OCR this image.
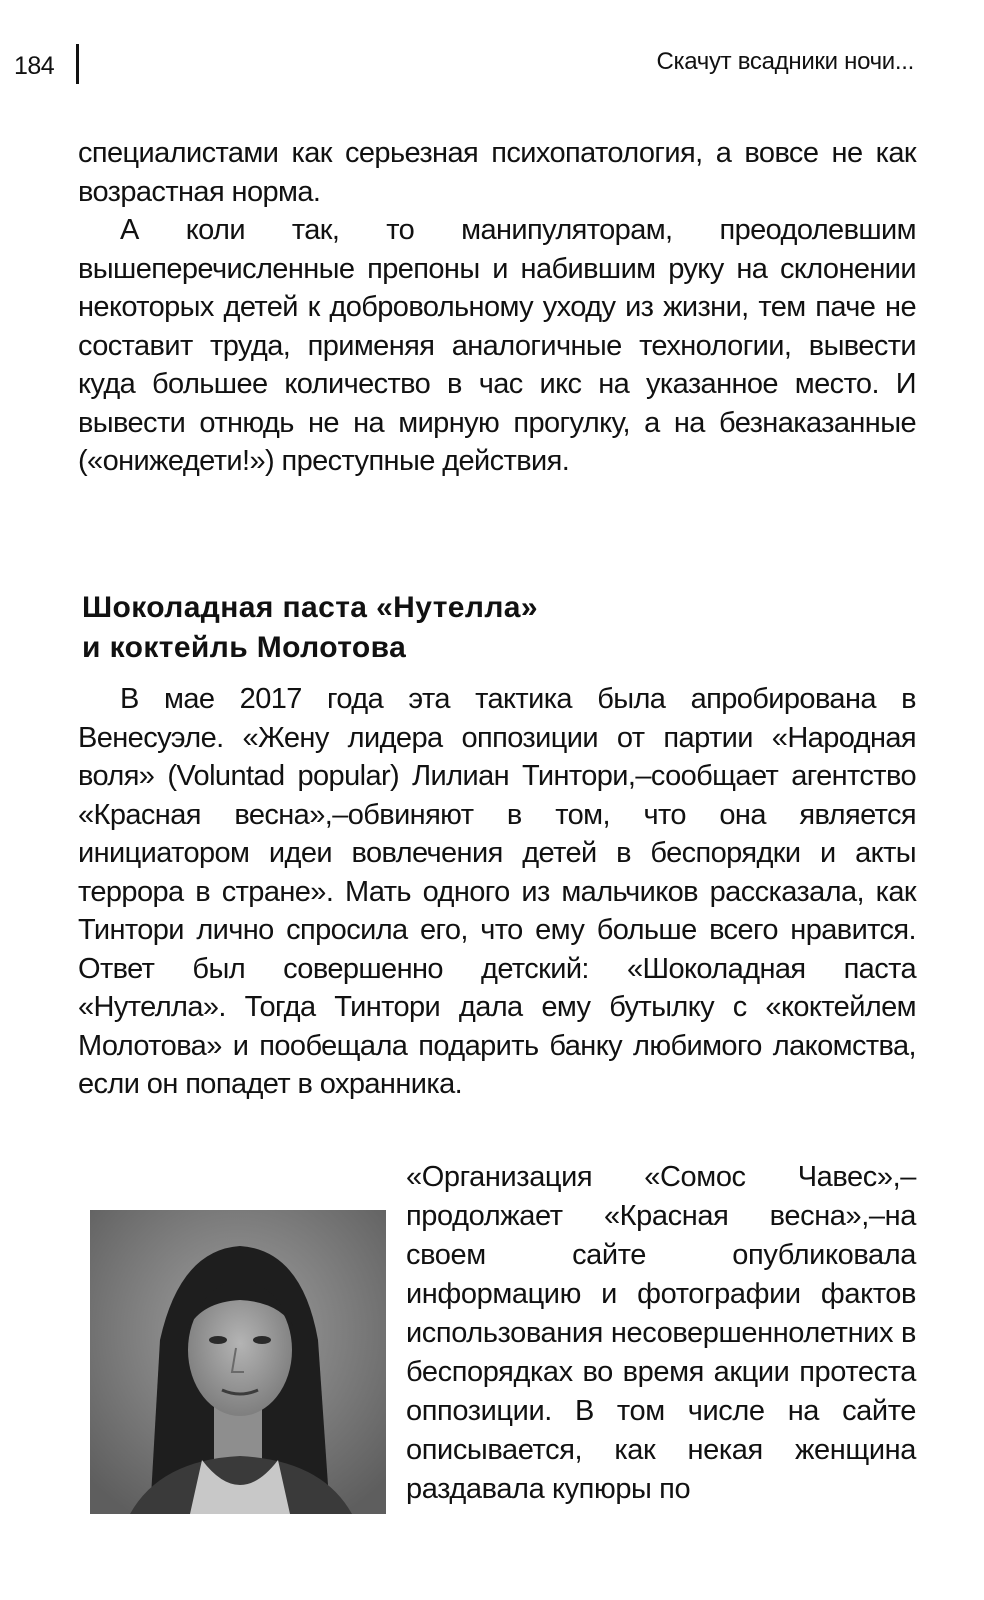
184	Скачут всадники ночи...

специалистами как серьезная психопатология, а вовсе не как возрастная норма.

А коли так, то манипуляторам, преодолевшим вышеперечисленные препоны и набившим руку на склонении некоторых детей к добровольному уходу из жизни, тем паче не составит труда, применяя аналогичные технологии, вывести куда большее количество в час икс на указанное место. И вывести отнюдь не на мирную прогулку, а на безнаказанные («онижедети!») преступные действия.

Шоколадная паста «Нутелла»
и коктейль Молотова

В мае 2017 года эта тактика была апробирована в Венесуэле. «Жену лидера оппозиции от партии «Народная воля» (Voluntad popular) Лилиан Тинтори,–сообщает агентство «Красная весна»,–обвиняют в том, что она является инициатором идеи вовлечения детей в беспорядки и акты террора в стране». Мать одного из мальчиков рассказала, как Тинтори лично спросила его, что ему больше всего нравится. Ответ был совершенно детский: «Шоколадная паста «Нутелла». Тогда Тинтори дала ему бутылку с «коктейлем Молотова» и пообещала подарить банку любимого лакомства, если он попадет в охранника.

«Организация «Сомос Чавес»,–продолжает «Красная весна»,–на своем сайте опубликовала информацию и фотографии фактов использования несовершеннолетних в беспорядках во время акции протеста оппозиции. В том числе на сайте описывается, как некая женщина раздавала купюры по
